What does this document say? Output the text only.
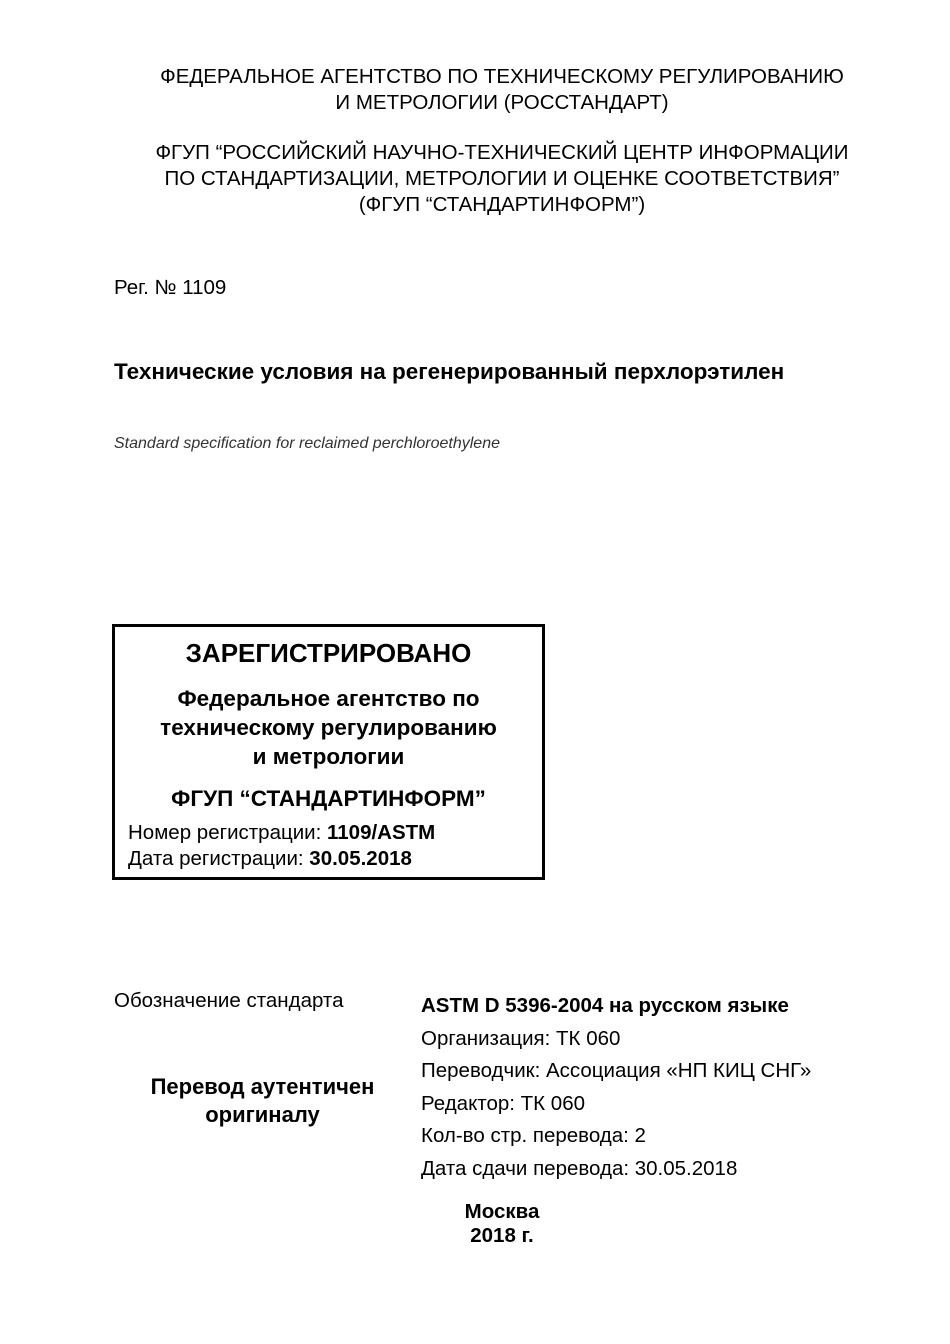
ФЕДЕРАЛЬНОЕ АГЕНТСТВО ПО ТЕХНИЧЕСКОМУ РЕГУЛИРОВАНИЮ
И МЕТРОЛОГИИ (РОССТАНДАРТ)
ФГУП “РОССИЙСКИЙ НАУЧНО-ТЕХНИЧЕСКИЙ ЦЕНТР ИНФОРМАЦИИ
ПО СТАНДАРТИЗАЦИИ, МЕТРОЛОГИИ И ОЦЕНКЕ СООТВЕТСТВИЯ”
(ФГУП “СТАНДАРТИНФОРМ”)
Рег. № 1109
Технические условия на регенерированный перхлорэтилен
Standard specification for reclaimed perchloroethylene
ЗАРЕГИСТРИРОВАНО
Федеральное агентство по
техническому регулированию
и метрологии
ФГУП “СТАНДАРТИНФОРМ”
Номер регистрации: 1109/ASTM
Дата регистрации: 30.05.2018
Обозначение стандарта
Перевод аутентичен
оригиналу
ASTM D 5396-2004 на русском языке
Организация: ТК 060
Переводчик: Ассоциация «НП КИЦ СНГ»
Редактор: ТК 060
Кол-во стр. перевода: 2
Дата сдачи перевода: 30.05.2018
Москва
2018 г.
